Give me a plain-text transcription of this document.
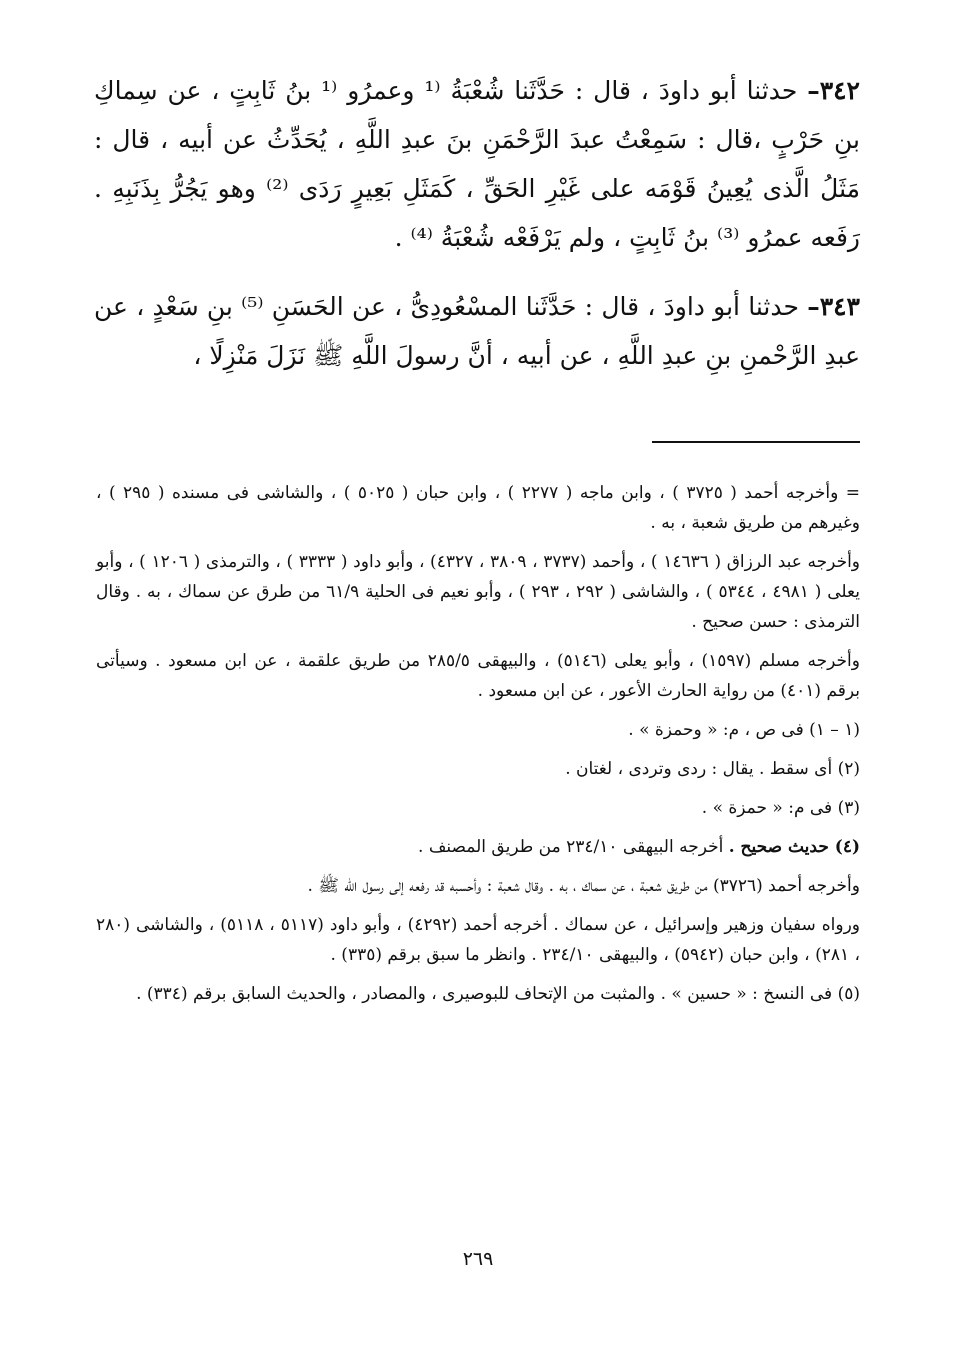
٣٤٢– حدثنا أبو داودَ ، قال : حَدَّثَنا شُعْبَةُ ⁽¹ وعمرُو ⁽¹ بنُ ثَابِتٍ ، عن سِماكِ بنِ حَرْبٍ ،قال : سَمِعْتُ عبدَ الرَّحْمَنِ بنَ عبدِ اللَّهِ ، يُحَدِّثُ عن أبيه ، قال : مَثَلُ الَّذى يُعِينُ قَوْمَه على غَيْرِ الحَقِّ ، كَمَثَلِ بَعِيرٍ رَدَى ⁽²⁾ وهو يَجُرُّ بِذَنَبِهِ . رَفَعه عمرُو ⁽³⁾ بنُ ثَابِتٍ ، ولم يَرْفَعْه شُعْبَةُ ⁽⁴⁾ .

٣٤٣– حدثنا أبو داودَ ، قال : حَدَّثَنا المسْعُودِىُّ ، عن الحَسَنِ ⁽⁵⁾ بنِ سَعْدٍ ، عن عبدِ الرَّحْمنِ بنِ عبدِ اللَّهِ ، عن أبيه ، أنَّ رسولَ اللَّهِ ﷺ نَزَلَ مَنْزِلًا ،

= وأخرجه أحمد ( ٣٧٢٥ ) ، وابن ماجه ( ٢٢٧٧ ) ، وابن حبان ( ٥٠٢٥ ) ، والشاشى فى مسنده ( ٢٩٥ ) ، وغيرهم من طريق شعبة ، به .

وأخرجه عبد الرزاق ( ١٤٦٣٦ ) ، وأحمد (٣٧٣٧ ، ٣٨٠٩ ، ٤٣٢٧) ، وأبو داود ( ٣٣٣٣ ) ، والترمذى ( ١٢٠٦ ) ، وأبو يعلى ( ٤٩٨١ ، ٥٣٤٤ ) ، والشاشى ( ٢٩٢ ، ٢٩٣ ) ، وأبو نعيم فى الحلية ٦١/٩ من طرق عن سماك ، به . وقال الترمذى : حسن صحيح .

وأخرجه مسلم (١٥٩٧) ، وأبو يعلى (٥١٤٦) ، والبيهقى ٢٨٥/٥ من طريق علقمة ، عن ابن مسعود . وسيأتى برقم (٤٠١) من رواية الحارث الأعور ، عن ابن مسعود .

(١ – ١) فى ص ، م: « وحمزة » .

(٢) أى سقط . يقال : ردى وتردى ، لغتان .

(٣) فى م: « حمزة » .

(٤) حديث صحيح . أخرجه البيهقى ٢٣٤/١٠ من طريق المصنف .

وأخرجه أحمد (٣٧٢٦) من طريق شعبة ، عن سماك ، به . وقال شعبة : وأحسبه قد رفعه إلى رسول الله ﷺ .

ورواه سفيان وزهير وإسرائيل ، عن سماك . أخرجه أحمد (٤٢٩٢) ، وأبو داود (٥١١٧ ، ٥١١٨) ، والشاشى (٢٨٠ ، ٢٨١) ، وابن حبان (٥٩٤٢) ، والبيهقى ٢٣٤/١٠ . وانظر ما سبق برقم (٣٣٥) .

(٥) فى النسخ : « حسين » . والمثبت من الإتحاف للبوصيرى ، والمصادر ، والحديث السابق برقم (٣٣٤) .

٢٦٩
